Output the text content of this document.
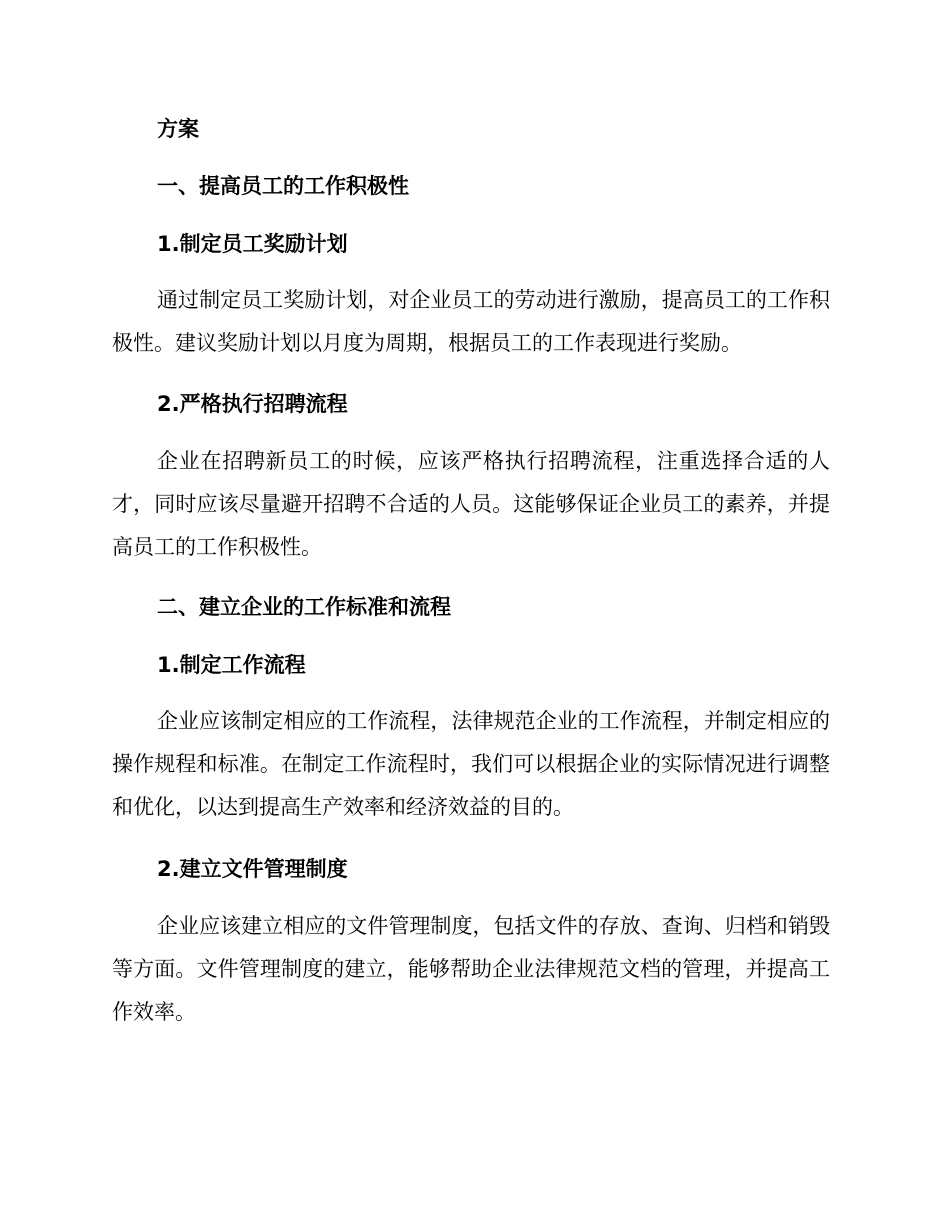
方案
一、提高员工的工作积极性
1.制定员工奖励计划
通过制定员工奖励计划，对企业员工的劳动进行激励，提高员工的工作积极性。建议奖励计划以月度为周期，根据员工的工作表现进行奖励。
2.严格执行招聘流程
企业在招聘新员工的时候，应该严格执行招聘流程，注重选择合适的人才，同时应该尽量避开招聘不合适的人员。这能够保证企业员工的素养，并提高员工的工作积极性。
二、建立企业的工作标准和流程
1.制定工作流程
企业应该制定相应的工作流程，法律规范企业的工作流程，并制定相应的操作规程和标准。在制定工作流程时，我们可以根据企业的实际情况进行调整和优化，以达到提高生产效率和经济效益的目的。
2.建立文件管理制度
企业应该建立相应的文件管理制度，包括文件的存放、查询、归档和销毁等方面。文件管理制度的建立，能够帮助企业法律规范文档的管理，并提高工作效率。
